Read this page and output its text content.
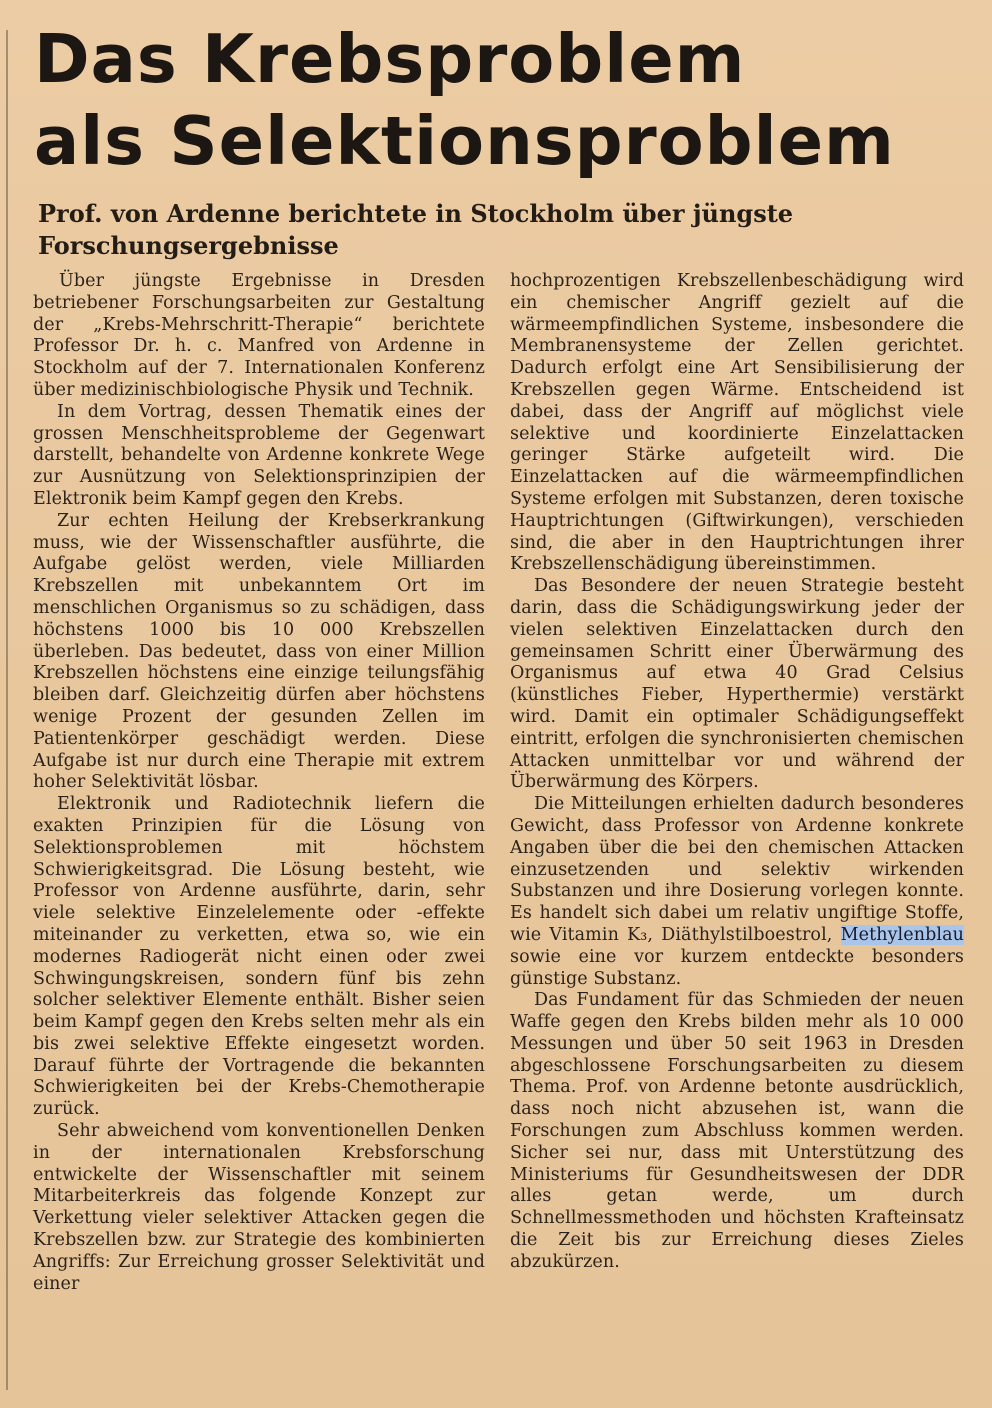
Das Krebsproblem
als Selektionsproblem
Prof. von Ardenne berichtete in Stockholm über jüngste Forschungsergebnisse

Über jüngste Ergebnisse in Dresden betriebener Forschungsarbeiten zur Gestaltung der „Krebs-Mehrschritt-Therapie“ berichtete Professor Dr. h. c. Manfred von Ardenne in Stockholm auf der 7. Internationalen Konferenz über medizinischbiologische Physik und Technik.

In dem Vortrag, dessen Thematik eines der grossen Menschheitsprobleme der Gegenwart darstellt, behandelte von Ardenne konkrete Wege zur Ausnützung von Selektionsprinzipien der Elektronik beim Kampf gegen den Krebs.

Zur echten Heilung der Krebserkrankung muss, wie der Wissenschaftler ausführte, die Aufgabe gelöst werden, viele Milliarden Krebszellen mit unbekanntem Ort im menschlichen Organismus so zu schädigen, dass höchstens 1000 bis 10 000 Krebszellen überleben. Das bedeutet, dass von einer Million Krebszellen höchstens eine einzige teilungsfähig bleiben darf. Gleichzeitig dürfen aber höchstens wenige Prozent der gesunden Zellen im Patientenkörper geschädigt werden. Diese Aufgabe ist nur durch eine Therapie mit extrem hoher Selektivität lösbar.

Elektronik und Radiotechnik liefern die exakten Prinzipien für die Lösung von Selektionsproblemen mit höchstem Schwierigkeitsgrad. Die Lösung besteht, wie Professor von Ardenne ausführte, darin, sehr viele selektive Einzelelemente oder -effekte miteinander zu verketten, etwa so, wie ein modernes Radiogerät nicht einen oder zwei Schwingungskreisen, sondern fünf bis zehn solcher selektiver Elemente enthält. Bisher seien beim Kampf gegen den Krebs selten mehr als ein bis zwei selektive Effekte eingesetzt worden. Darauf führte der Vortragende die bekannten Schwierigkeiten bei der Krebs-Chemotherapie zurück.

Sehr abweichend vom konventionellen Denken in der internationalen Krebsforschung entwickelte der Wissenschaftler mit seinem Mitarbeiterkreis das folgende Konzept zur Verkettung vieler selektiver Attacken gegen die Krebszellen bzw. zur Strategie des kombinierten Angriffs: Zur Erreichung grosser Selektivität und einer

hochprozentigen Krebszellenbeschädigung wird ein chemischer Angriff gezielt auf die wärmeempfindlichen Systeme, insbesondere die Membranensysteme der Zellen gerichtet. Dadurch erfolgt eine Art Sensibilisierung der Krebszellen gegen Wärme. Entscheidend ist dabei, dass der Angriff auf möglichst viele selektive und koordinierte Einzelattacken geringer Stärke aufgeteilt wird. Die Einzelattacken auf die wärmeempfindlichen Systeme erfolgen mit Substanzen, deren toxische Hauptrichtungen (Giftwirkungen), verschieden sind, die aber in den Hauptrichtungen ihrer Krebszellenschädigung übereinstimmen.

Das Besondere der neuen Strategie besteht darin, dass die Schädigungswirkung jeder der vielen selektiven Einzelattacken durch den gemeinsamen Schritt einer Überwärmung des Organismus auf etwa 40 Grad Celsius (künstliches Fieber, Hyperthermie) verstärkt wird. Damit ein optimaler Schädigungseffekt eintritt, erfolgen die synchronisierten chemischen Attacken unmittelbar vor und während der Überwärmung des Körpers.

Die Mitteilungen erhielten dadurch besonderes Gewicht, dass Professor von Ardenne konkrete Angaben über die bei den chemischen Attacken einzusetzenden und selektiv wirkenden Substanzen und ihre Dosierung vorlegen konnte. Es handelt sich dabei um relativ ungiftige Stoffe, wie Vitamin K₃, Diäthylstilboestrol, Methylenblau sowie eine vor kurzem entdeckte besonders günstige Substanz.

Das Fundament für das Schmieden der neuen Waffe gegen den Krebs bilden mehr als 10 000 Messungen und über 50 seit 1963 in Dresden abgeschlossene Forschungsarbeiten zu diesem Thema. Prof. von Ardenne betonte ausdrücklich, dass noch nicht abzusehen ist, wann die Forschungen zum Abschluss kommen werden. Sicher sei nur, dass mit Unterstützung des Ministeriums für Gesundheitswesen der DDR alles getan werde, um durch Schnellmessmethoden und höchsten Krafteinsatz die Zeit bis zur Erreichung dieses Zieles abzukürzen.
